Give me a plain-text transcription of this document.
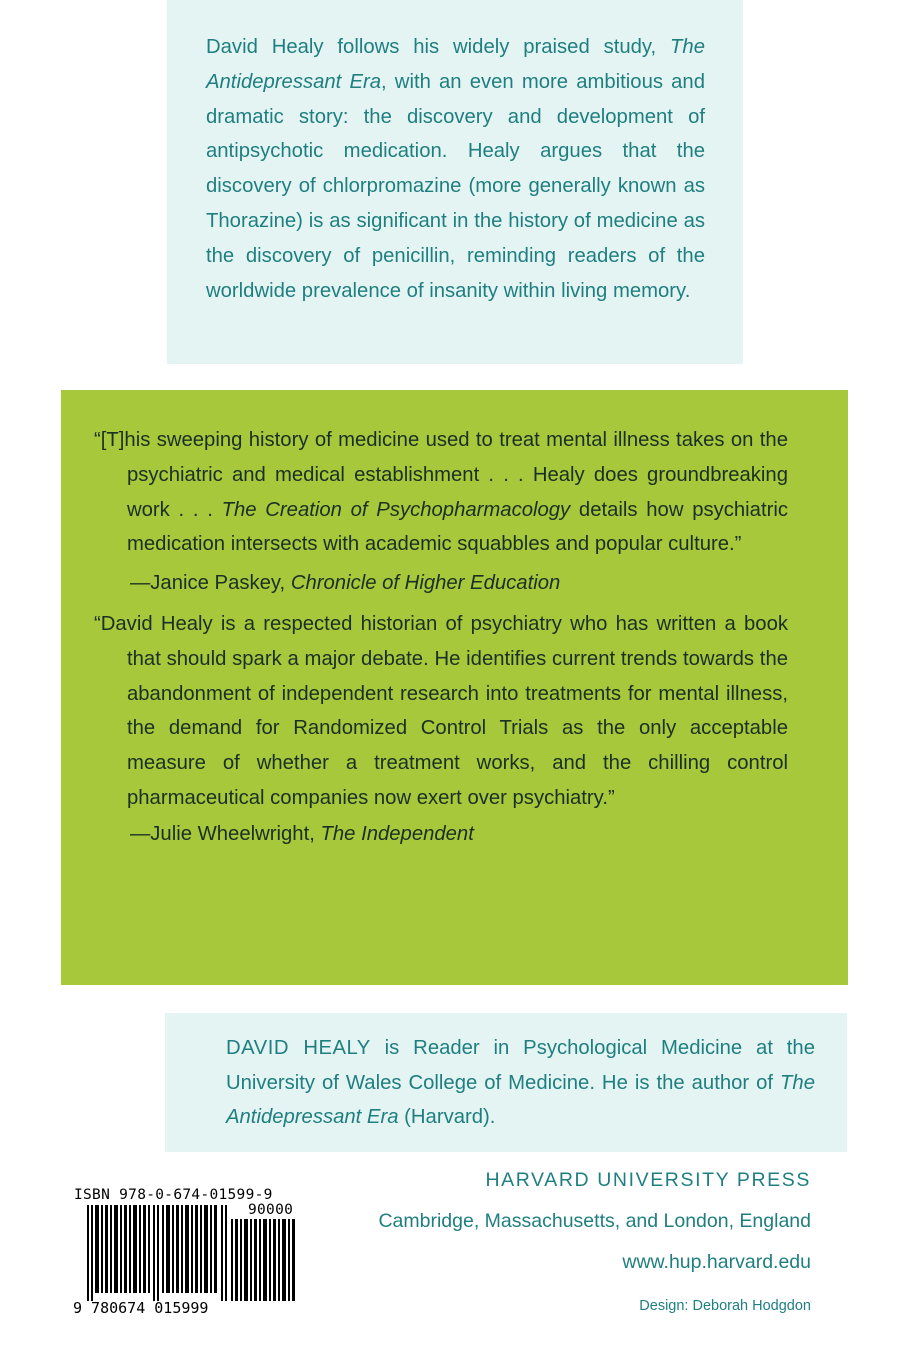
David Healy follows his widely praised study, The Antidepressant Era, with an even more ambitious and dramatic story: the discovery and development of antipsychotic medication. Healy argues that the discovery of chlorpromazine (more generally known as Thorazine) is as significant in the history of medicine as the discovery of penicillin, reminding readers of the worldwide prevalence of insanity within living memory.

“[T]his sweeping history of medicine used to treat mental illness takes on the psychiatric and medical establishment . . . Healy does groundbreaking work . . . The Creation of Psychopharmacology details how psychiatric medication intersects with academic squabbles and popular culture.”

—Janice Paskey, Chronicle of Higher Education

“David Healy is a respected historian of psychiatry who has written a book that should spark a major debate. He identifies current trends towards the abandonment of independent research into treatments for mental illness, the demand for Randomized Control Trials as the only acceptable measure of whether a treatment works, and the chilling control pharmaceutical companies now exert over psychiatry.”

—Julie Wheelwright, The Independent

DAVID HEALY is Reader in Psychological Medicine at the University of Wales College of Medicine. He is the author of The Antidepressant Era (Harvard).

HARVARD UNIVERSITY PRESS
Cambridge, Massachusetts, and London, England
www.hup.harvard.edu
Design: Deborah Hodgdon
ISBN 978-0-674-01599-9
90000
9 780674 015999
